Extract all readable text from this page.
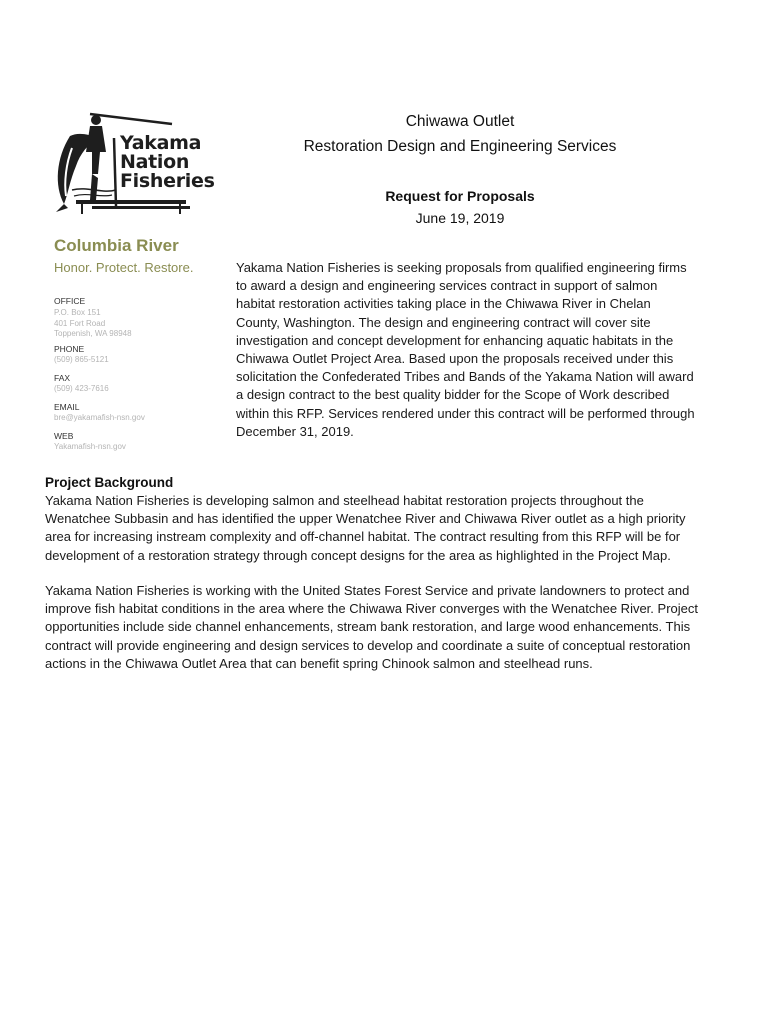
Yakama
Nation
Fisheries
Chiwawa Outlet
Restoration Design and Engineering Services
Request for Proposals
June 19, 2019
Columbia River
Honor. Protect. Restore.
OFFICE
P.O. Box 151
401 Fort Road
Toppenish, WA 98948
PHONE
(509) 865-5121
FAX
(509) 423-7616
EMAIL
bre@yakamafish-nsn.gov
WEB
Yakamafish-nsn.gov
Yakama Nation Fisheries is seeking proposals from qualified engineering firms to award a design and engineering services contract in support of salmon habitat restoration activities taking place in the Chiwawa River in Chelan County, Washington. The design and engineering contract will cover site investigation and concept development for enhancing aquatic habitats in the Chiwawa Outlet Project Area. Based upon the proposals received under this solicitation the Confederated Tribes and Bands of the Yakama Nation will award a design contract to the best quality bidder for the Scope of Work described within this RFP. Services rendered under this contract will be performed through December 31, 2019.
Project Background
Yakama Nation Fisheries is developing salmon and steelhead habitat restoration projects throughout the Wenatchee Subbasin and has identified the upper Wenatchee River and Chiwawa River outlet as a high priority area for increasing instream complexity and off-channel habitat. The contract resulting from this RFP will be for development of a restoration strategy through concept designs for the area as highlighted in the Project Map.
Yakama Nation Fisheries is working with the United States Forest Service and private landowners to protect and improve fish habitat conditions in the area where the Chiwawa River converges with the Wenatchee River. Project opportunities include side channel enhancements, stream bank restoration, and large wood enhancements. This contract will provide engineering and design services to develop and coordinate a suite of conceptual restoration actions in the Chiwawa Outlet Area that can benefit spring Chinook salmon and steelhead runs.
